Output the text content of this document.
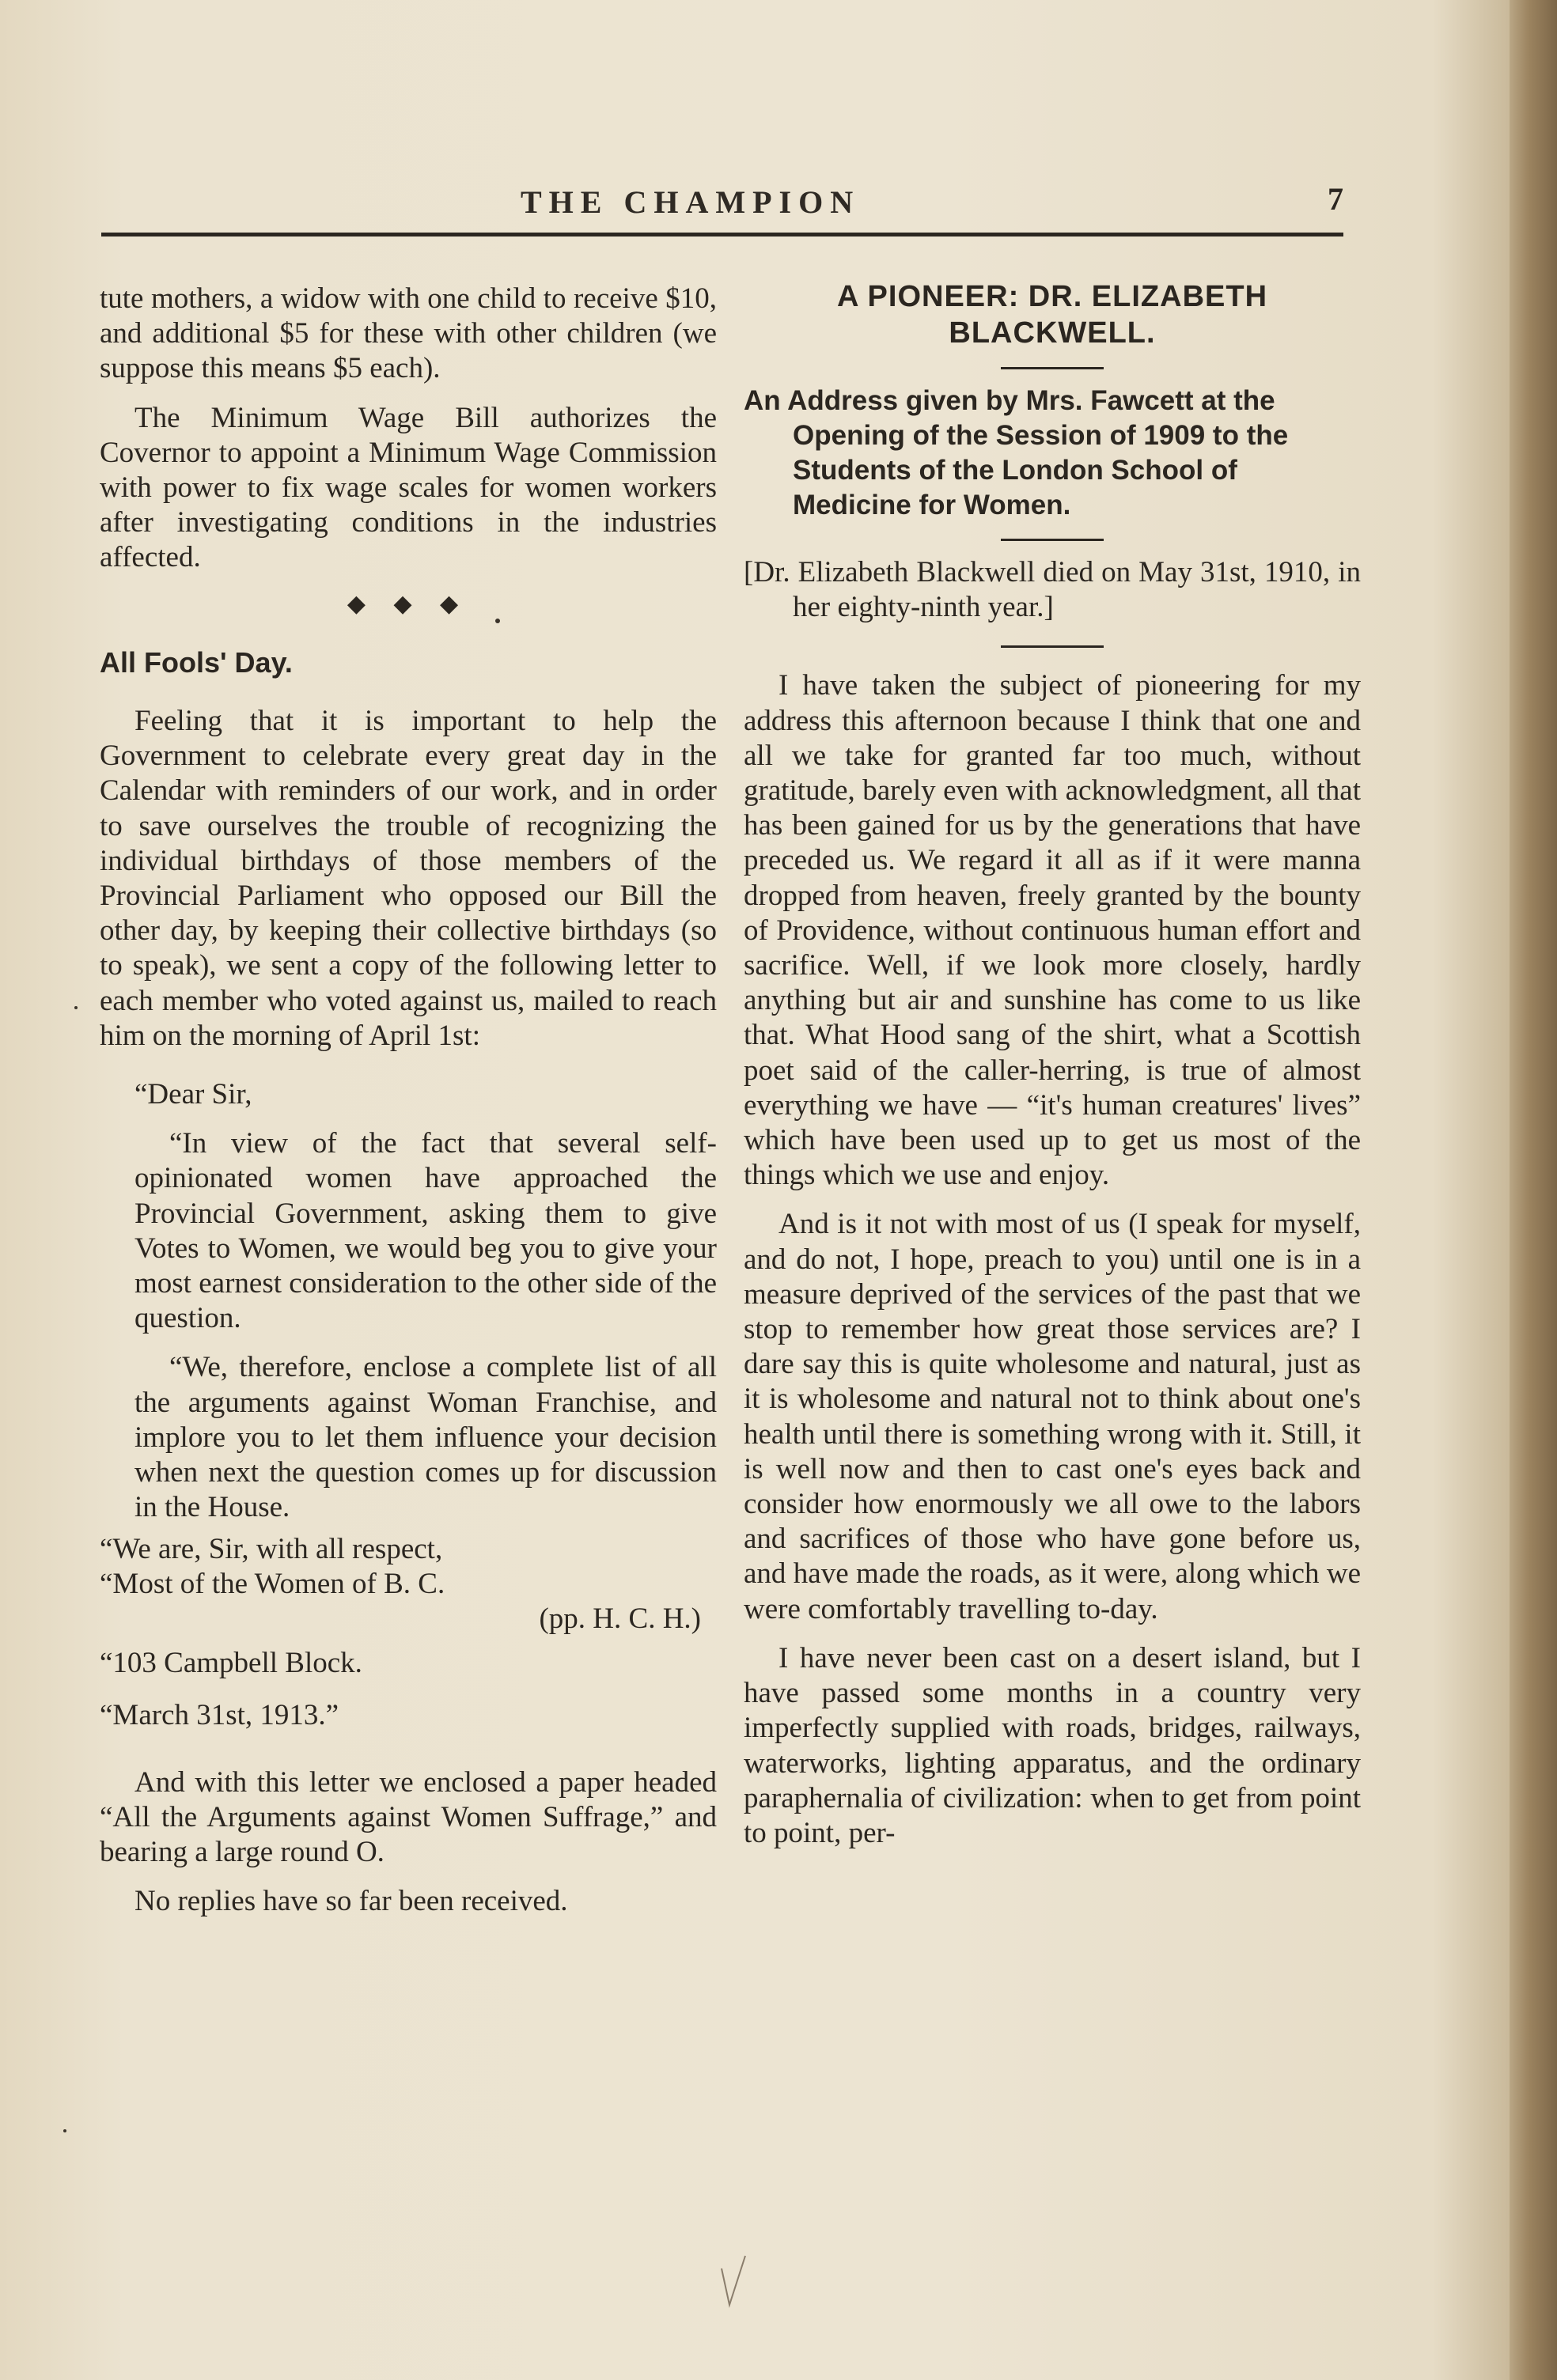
THE CHAMPION	7

tute mothers, a widow with one child to receive $10, and additional $5 for these with other children (we suppose this means $5 each).

The Minimum Wage Bill authorizes the Covernor to appoint a Minimum Wage Commission with power to fix wage scales for women workers after investigating conditions in the industries affected.

◆ ◆ ◆
All Fools' Day.

Feeling that it is important to help the Government to celebrate every great day in the Calendar with reminders of our work, and in order to save ourselves the trouble of recognizing the individual birthdays of those members of the Provincial Parliament who opposed our Bill the other day, by keeping their collective birthdays (so to speak), we sent a copy of the following letter to each member who voted against us, mailed to reach him on the morning of April 1st:

“Dear Sir,

“In view of the fact that several self-opinionated women have approached the Provincial Government, asking them to give Votes to Women, we would beg you to give your most earnest consideration to the other side of the question.

“We, therefore, enclose a complete list of all the arguments against Woman Franchise, and implore you to let them influence your decision when next the question comes up for discussion in the House.

“We are, Sir, with all respect,

“Most of the Women of B. C.

(pp. H. C. H.)

“103 Campbell Block.

“March 31st, 1913.”

And with this letter we enclosed a paper headed “All the Arguments against Women Suffrage,” and bearing a large round O.

No replies have so far been received.

A PIONEER: DR. ELIZABETH BLACKWELL.
An Address given by Mrs. Fawcett at the Opening of the Session of 1909 to the Students of the London School of Medicine for Women.

[Dr. Elizabeth Blackwell died on May 31st, 1910, in her eighty-ninth year.]

I have taken the subject of pioneering for my address this afternoon because I think that one and all we take for granted far too much, without gratitude, barely even with acknowledgment, all that has been gained for us by the generations that have preceded us. We regard it all as if it were manna dropped from heaven, freely granted by the bounty of Providence, without continuous human effort and sacrifice. Well, if we look more closely, hardly anything but air and sunshine has come to us like that. What Hood sang of the shirt, what a Scottish poet said of the caller-herring, is true of almost everything we have — “it's human creatures' lives” which have been used up to get us most of the things which we use and enjoy.

And is it not with most of us (I speak for myself, and do not, I hope, preach to you) until one is in a measure deprived of the services of the past that we stop to remember how great those services are? I dare say this is quite wholesome and natural, just as it is wholesome and natural not to think about one's health until there is something wrong with it. Still, it is well now and then to cast one's eyes back and consider how enormously we all owe to the labors and sacrifices of those who have gone before us, and have made the roads, as it were, along which we were comfortably travelling to-day.

I have never been cast on a desert island, but I have passed some months in a country very imperfectly supplied with roads, bridges, railways, waterworks, lighting apparatus, and the ordinary paraphernalia of civilization: when to get from point to point, per-
